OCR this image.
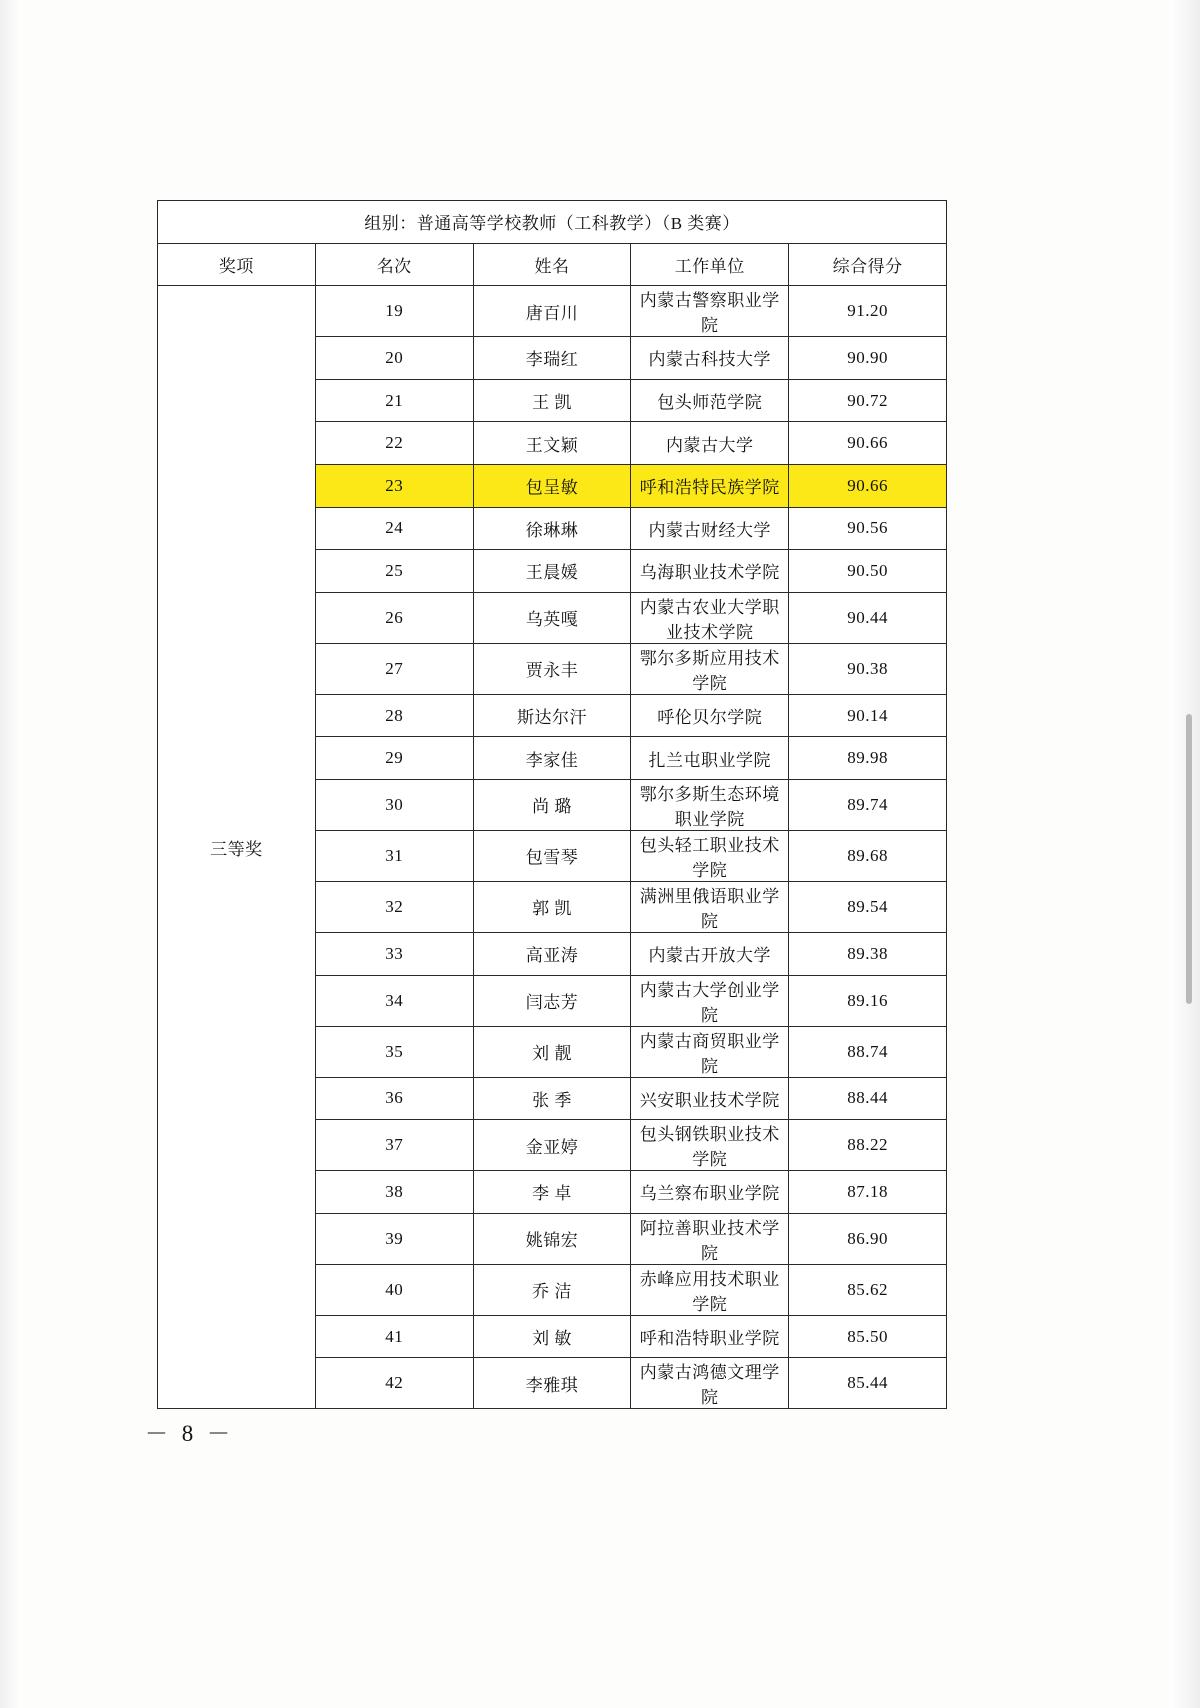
组别：普通高等学校教师（工科教学）（B 类赛）				
奖项	名次	姓名	工作单位	综合得分
三等奖	19	唐百川	内蒙古警察职业学院	91.20
	20	李瑞红	内蒙古科技大学	90.90
	21	王 凯	包头师范学院	90.72
	22	王文颖	内蒙古大学	90.66
	23	包呈敏	呼和浩特民族学院	90.66
	24	徐琳琳	内蒙古财经大学	90.56
	25	王晨媛	乌海职业技术学院	90.50
	26	乌英嘎	内蒙古农业大学职业技术学院	90.44
	27	贾永丰	鄂尔多斯应用技术学院	90.38
	28	斯达尔汗	呼伦贝尔学院	90.14
	29	李家佳	扎兰屯职业学院	89.98
	30	尚 璐	鄂尔多斯生态环境职业学院	89.74
	31	包雪琴	包头轻工职业技术学院	89.68
	32	郭 凯	满洲里俄语职业学院	89.54
	33	高亚涛	内蒙古开放大学	89.38
	34	闫志芳	内蒙古大学创业学院	89.16
	35	刘 靓	内蒙古商贸职业学院	88.74
	36	张 季	兴安职业技术学院	88.44
	37	金亚婷	包头钢铁职业技术学院	88.22
	38	李 卓	乌兰察布职业学院	87.18
	39	姚锦宏	阿拉善职业技术学院	86.90
	40	乔 洁	赤峰应用技术职业学院	85.62
	41	刘 敏	呼和浩特职业学院	85.50
	42	李雅琪	内蒙古鸿德文理学院	85.44
－ 8 －
